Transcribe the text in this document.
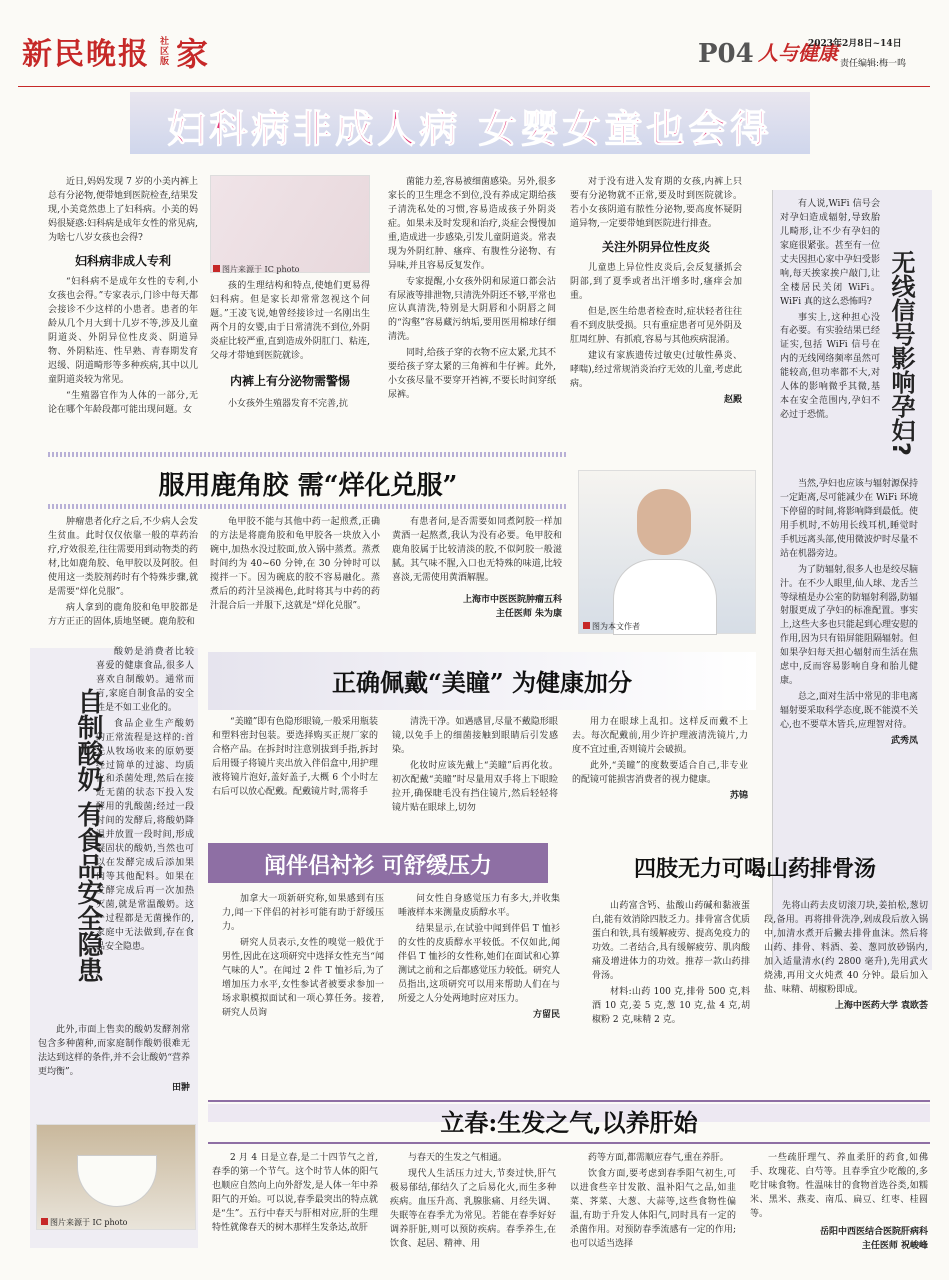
新民晚报 社区版 家	P04 人与健康
2023年2月8日~14日
责任编辑:梅一鸣
妇科病非成人病 女婴女童也会得

近日,妈妈发现 7 岁的小美内裤上总有分泌物,便带她到医院检查,结果发现,小美竟然患上了妇科病。小美的妈妈很疑惑:妇科病是成年女性的常见病,为啥七八岁女孩也会得?

妇科病非成人专利

“妇科病不是成年女性的专利,小女孩也会得。”专家表示,门诊中每天都会接诊不少这样的小患者。患者的年龄从几个月大到十几岁不等,涉及儿童阴道炎、外阴异位性皮炎、阴道异物、外阴粘连、性早熟、青春期发育迟缓、阴道畸形等多种疾病,其中以儿童阴道炎较为常见。

“生殖器官作为人体的一部分,无论在哪个年龄段都可能出现问题。女

图片来源于 IC photo

孩的生理结构和特点,使她们更易得妇科病。但是家长却常常忽视这个问题。”王凌飞说,她曾经接诊过一名刚出生两个月的女婴,由于日常清洗不到位,外阴炎症比较严重,直到造成外阴肛门、粘连,父母才带她到医院就诊。

内裤上有分泌物需警惕

小女孩外生殖器发育不完善,抗

菌能力差,容易被细菌感染。另外,很多家长的卫生理念不到位,没有养成定期给孩子清洗私处的习惯,容易造成孩子外阴炎症。如果未及时发现和治疗,炎症会慢慢加重,造成进一步感染,引发儿童阴道炎。常表现为外阴红肿、瘙痒、有腹性分泌物、有异味,并且容易反复发作。

专家提醒,小女孩外阴和尿道口都会沾有尿液等排泄物,只清洗外阴还不够,平常也应认真清洗,特别是大阴唇和小阴唇之间的“沟壑”容易藏污纳垢,要用医用棉球仔细清洗。

同时,给孩子穿的衣物不应太紧,尤其不要给孩子穿太紧的三角裤和牛仔裤。此外,小女孩尽量不要穿开裆裤,不要长时间穿纸尿裤。

对于没有进入发育期的女孩,内裤上只要有分泌物就不正常,要及时到医院就诊。若小女孩阴道有脓性分泌物,要高度怀疑阴道异物,一定要带她到医院进行排查。

关注外阴异位性皮炎

儿童患上异位性皮炎后,会反复搔抓会阴部,到了夏季或者出汗增多时,瘙痒会加重。

但是,医生给患者检查时,症状轻者往往看不到皮肤受损。只有重症患者可见外阴及肛周红肿、有抓痕,容易与其他疾病混淆。

建议有家族遗传过敏史(过敏性鼻炎、哮喘),经过常规消炎治疗无效的儿童,考虑此病。

赵殿	无线信号影响孕妇?

有人说,WiFi 信号会对孕妇造成辐射,导致胎儿畸形,让不少有孕妇的家庭很紧张。甚至有一位丈夫因担心家中孕妇受影响,每天挨家挨户敲门,让全楼居民关闭 WiFi。WiFi 真的这么恐怖吗?

事实上,这种担心没有必要。有实验结果已经证实,包括 WiFi 信号在内的无线网络频率虽然可能较高,但功率都不大,对人体的影响微乎其微,基本在安全范围内,孕妇不必过于恐慌。

当然,孕妇也应该与辐射源保持一定距离,尽可能减少在 WiFi 环境下停留的时间,将影响降到最低。使用手机时,不妨用长线耳机,睡觉时手机远离头部,使用微波炉时尽量不站在机器旁边。

为了防辐射,很多人也是绞尽脑汁。在不少人眼里,仙人球、龙舌兰等绿植是办公室的防辐射利器,防辐射服更成了孕妇的标准配置。事实上,这些大多也只能起到心理安慰的作用,因为只有铅屏能阻隔辐射。但如果孕妇每天担心辐射而生活在焦虑中,反而容易影响自身和胎儿健康。

总之,面对生活中常见的非电离辐射要采取科学态度,既不能漠不关心,也不要草木皆兵,应理智对待。

武秀凤
服用鹿角胶 需“烊化兑服”

肿瘤患者化疗之后,不少病人会发生贫血。此时仅仅依靠一般的草药治疗,疗效很差,往往需要用到动物类的药材,比如鹿角胶、龟甲胶以及阿胶。但使用这一类胶剂药时有个特殊步骤,就是需要“烊化兑服”。

病人拿到的鹿角胶和龟甲胶都是方方正正的固体,质地坚硬。鹿角胶和

龟甲胶不能与其他中药一起煎煮,正确的方法是将鹿角胶和龟甲胶各一块放入小碗中,加热水没过胶面,放入锅中蒸煮。蒸煮时间约为 40~60 分钟,在 30 分钟时可以搅拌一下。因为碗底的胶不容易融化。蒸煮后的药汁呈淡褐色,此时将其与中药的药汁混合后一并服下,这就是“烊化兑服”。

有患者问,是否需要如同煮阿胶一样加黄酒一起熬煮,我认为没有必要。龟甲胶和鹿角胶属于比较清淡的胶,不似阿胶一般滋腻。其气味不腥,入口也无特殊的味道,比较喜淡,无需使用黄酒解腥。

上海市中医医院肿瘤五科
主任医师 朱为康
图为本文作者
自制酸奶 有食品安全隐患

酸奶是消费者比较喜爱的健康食品,很多人喜欢自制酸奶。通常而言,家庭自制食品的安全性是不如工业化的。

食品企业生产酸奶的正常流程是这样的:首先从牧场收来的原奶要经过简单的过滤、均质化和杀菌处理,然后在接近无菌的状态下投入发酵用的乳酸菌;经过一段时间的发酵后,将酸奶降温并放置一段时间,形成凝固状的酸奶,当然也可以在发酵完成后添加果肉等其他配料。如果在发酵完成后再一次加热灭菌,就是常温酸奶。这一过程都是无菌操作的,家庭中无法做到,存在食品安全隐患。

此外,市面上售卖的酸奶发酵剂常包含多种菌种,而家庭制作酸奶很难无法达到这样的条件,并不会让酸奶“营养更均衡”。

田翀
图片来源于 IC photo
正确佩戴“美瞳” 为健康加分

“美瞳”即有色隐形眼镜,一般采用瓶装和塑料密封包装。要选择购买正规厂家的合格产品。在拆封时注意别拔到手指,拆封后用镊子将镜片夹出放入伴侣盒中,用护理液将镜片泡好,盖好盖子,大概 6 个小时左右后可以放心配戴。配戴镜片时,需将手

清洗干净。如遇感冒,尽量不戴隐形眼镜,以免手上的细菌接触到眼睛后引发感染。

化妆时应该先戴上“美瞳”后再化妆。初次配戴“美瞳”时尽量用双手将上下眼睑拉开,确保睫毛没有挡住镜片,然后轻轻将镜片贴在眼球上,切勿

用力在眼球上乱扣。这样反而戴不上去。每次配戴前,用少许护理液清洗镜片,力度不宜过重,否则镜片会破损。

此外,“美瞳”的度数要适合自己,非专业的配镜可能损害消费者的视力健康。

苏锦
闻伴侣衬衫 可舒缓压力

加拿大一项新研究称,如果感到有压力,闻一下伴侣的衬衫可能有助于舒缓压力。

研究人员表示,女性的嗅觉一般优于男性,因此在这项研究中选择女性充当“闻气味的人”。在闻过 2 件 T 恤衫后,为了增加压力水平,女性参试者被要求参加一场求职模拟面试和一项心算任务。接着,研究人员询

问女性自身感觉压力有多大,并收集唾液样本来测量皮质醇水平。

结果显示,在试验中闻到伴侣 T 恤衫的女性的皮质醇水平较低。不仅如此,闻伴侣 T 恤衫的女性称,她们在面试和心算测试之前和之后都感觉压力较低。研究人员指出,这项研究可以用来帮助人们在与所爱之人分处两地时应对压力。

方留民
四肢无力可喝山药排骨汤

山药富含钙、盐酸山药碱和黏液蛋白,能有效消除四肢乏力。排骨富含优质蛋白和铁,具有缓解疲劳、提高免疫力的功效。二者结合,具有缓解疲劳、肌肉酸痛及增进体力的功效。推荐一款山药排骨汤。

材料:山药 100 克,排骨 500 克,料酒 10 克,姜 5 克,葱 10 克,盐 4 克,胡椒粉 2 克,味精 2 克。

先将山药去皮切滚刀块,姜拍松,葱切段,备用。再将排骨洗净,剁成段后放入锅中,加清水煮开后撇去排骨血沫。然后将山药、排骨、料酒、姜、葱同放砂锅内,加入适量清水(约 2800 毫升),先用武火烧沸,再用文火炖煮 40 分钟。最后加入盐、味精、胡椒粉即成。

上海中医药大学 袁欧荟
立春:生发之气,以养肝始

2 月 4 日是立春,是二十四节气之首,春季的第一个节气。这个时节人体的阳气也顺应自然向上向外舒发,是人体一年中养阳气的开始。可以说,春季最突出的特点就是“生”。五行中春天与肝相对应,肝的生理特性就像春天的树木那样生发条达,故肝

与春天的生发之气相通。

现代人生活压力过大,节奏过快,肝气极易郁结,郁结久了之后易化火,而生多种疾病。血压升高、乳腺胀痛、月经失调、失眠等在春季尤为常见。若能在春季好好调养肝脏,则可以预防疾病。春季养生,在饮食、起居、精神、用

药等方面,都需顺应春气,重在养肝。

饮食方面,要考虑到春季阳气初生,可以进食些辛甘发散、温补阳气之品,如韭菜、荠菜、大葱、大蒜等,这些食物性偏温,有助于升发人体阳气,同时具有一定的杀菌作用。对预防春季流感有一定的作用;也可以适当选择

一些疏肝理气、养血柔肝的药食,如佛手、玫瑰花、白芍等。且春季宜少吃酸的,多吃甘味食物。性温味甘的食物首选谷类,如糯米、黑米、燕麦、南瓜、扁豆、红枣、桂圆等。

岳阳中西医结合医院肝病科
主任医师 祝峻峰
